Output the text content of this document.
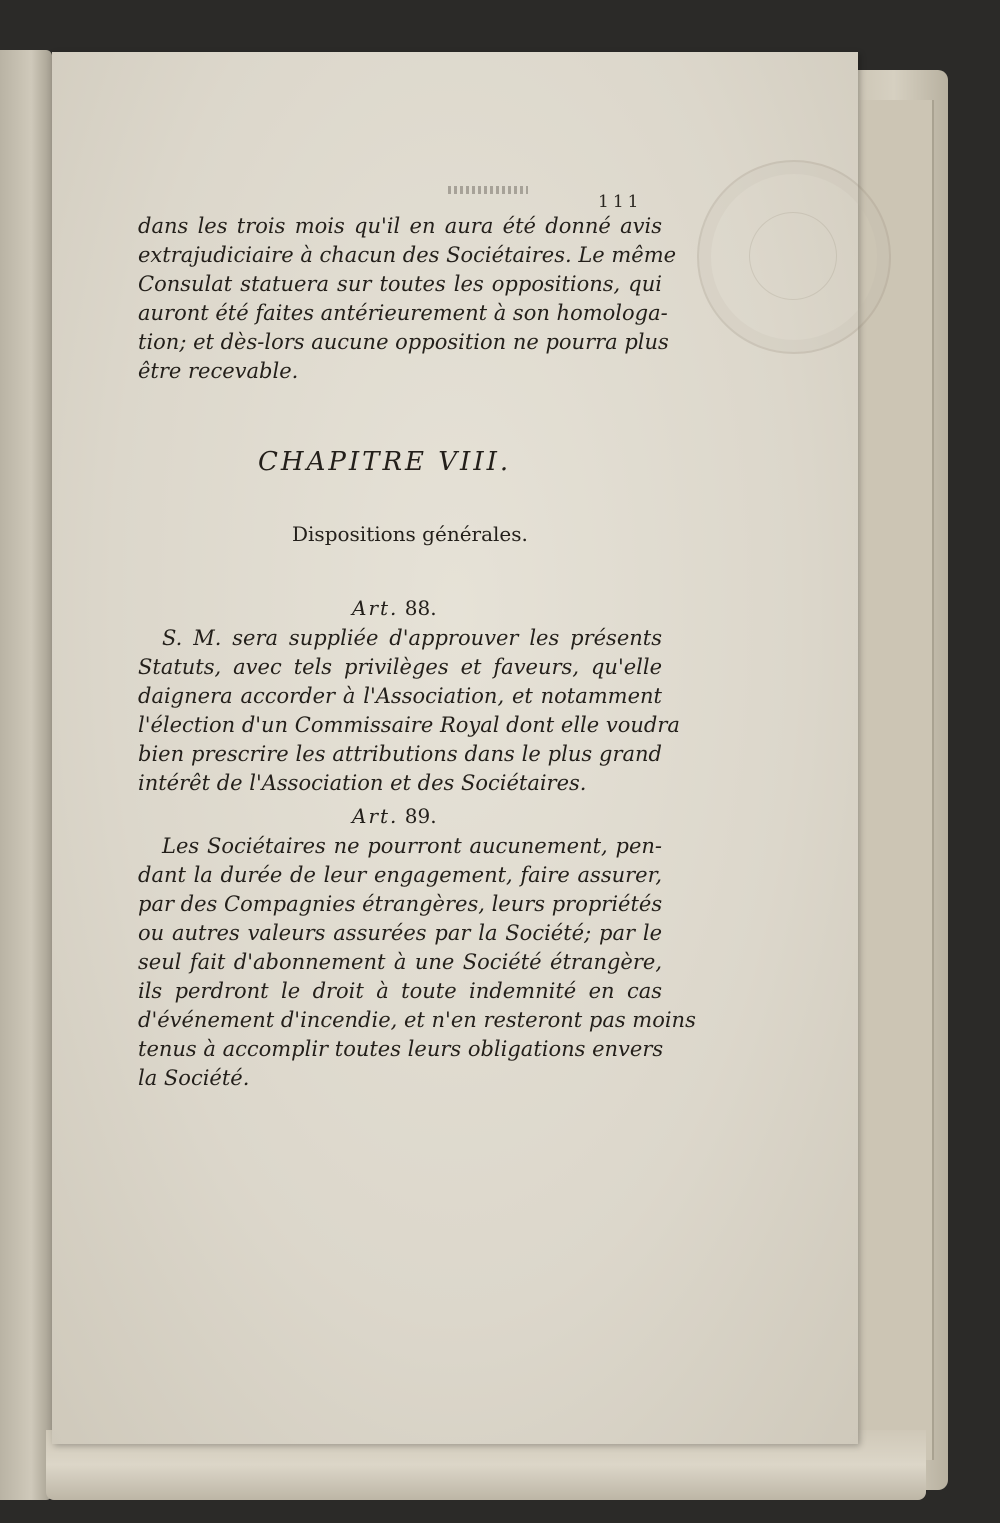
111
dans les trois mois qu'il en aura été donné avis
extrajudiciaire à chacun des Sociétaires. Le même
Consulat statuera sur toutes les oppositions, qui
auront été faites antérieurement à son homologa-
tion; et dès-lors aucune opposition ne pourra plus
être recevable.
CHAPITRE VIII.
Dispositions générales.
Art. 88.
S. M. sera suppliée d'approuver les présents
Statuts, avec tels privilèges et faveurs, qu'elle
daignera accorder à l'Association, et notamment
l'élection d'un Commissaire Royal dont elle voudra
bien prescrire les attributions dans le plus grand
intérêt de l'Association et des Sociétaires.
Art. 89.
Les Sociétaires ne pourront aucunement, pen-
dant la durée de leur engagement, faire assurer,
par des Compagnies étrangères, leurs propriétés
ou autres valeurs assurées par la Société; par le
seul fait d'abonnement à une Société étrangère,
ils perdront le droit à toute indemnité en cas
d'événement d'incendie, et n'en resteront pas moins
tenus à accomplir toutes leurs obligations envers
la Société.
